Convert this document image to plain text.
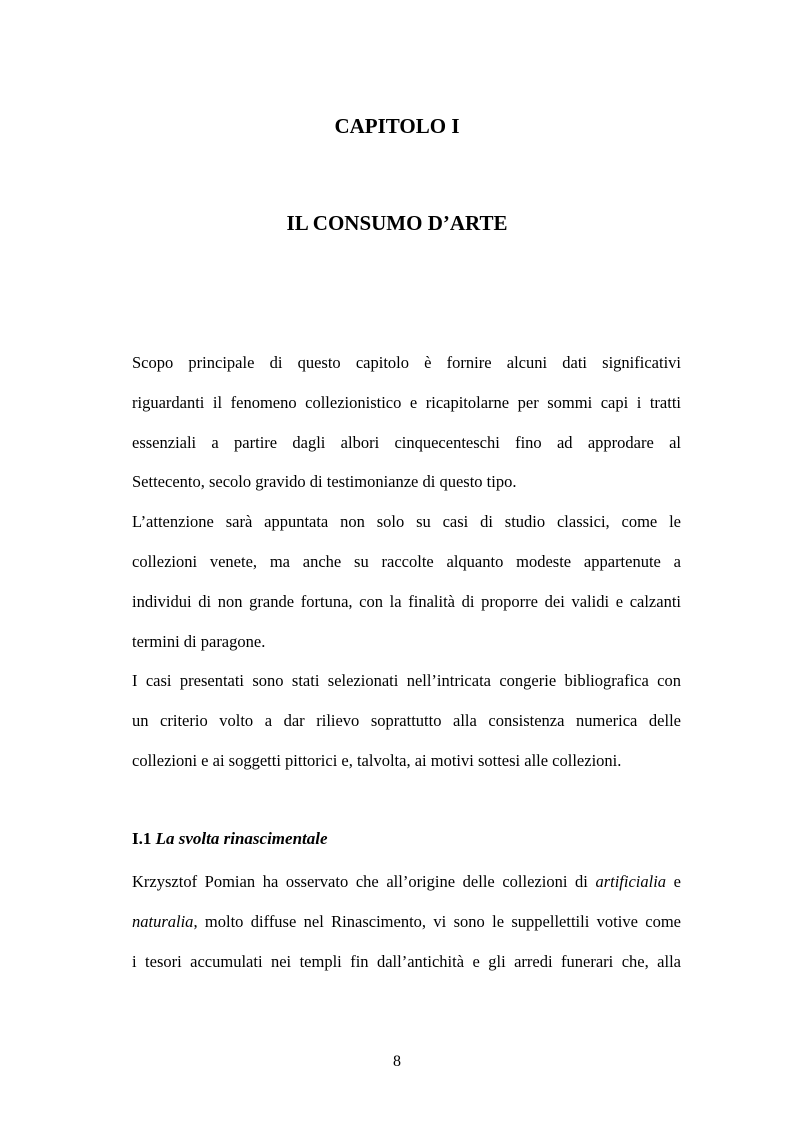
CAPITOLO I
IL CONSUMO D’ARTE
Scopo principale di questo capitolo è fornire alcuni dati significativi
riguardanti il fenomeno collezionistico e ricapitolarne per sommi capi i tratti
essenziali a partire dagli albori cinquecenteschi fino ad approdare al
Settecento, secolo gravido di testimonianze di questo tipo.
L’attenzione sarà appuntata non solo su casi di studio classici, come le
collezioni venete, ma anche su raccolte alquanto modeste appartenute a
individui di non grande fortuna, con la finalità di proporre dei validi e calzanti
termini di paragone.
I casi presentati sono stati selezionati nell’intricata congerie bibliografica con
un criterio volto a dar rilievo soprattutto alla consistenza numerica delle
collezioni e ai soggetti pittorici e, talvolta, ai motivi sottesi alle collezioni.
I.1 La svolta rinascimentale
Krzysztof Pomian ha osservato che all’origine delle collezioni di artificialia e
naturalia, molto diffuse nel Rinascimento, vi sono le suppellettili votive come
i tesori accumulati nei templi fin dall’antichità e gli arredi funerari che, alla
8
